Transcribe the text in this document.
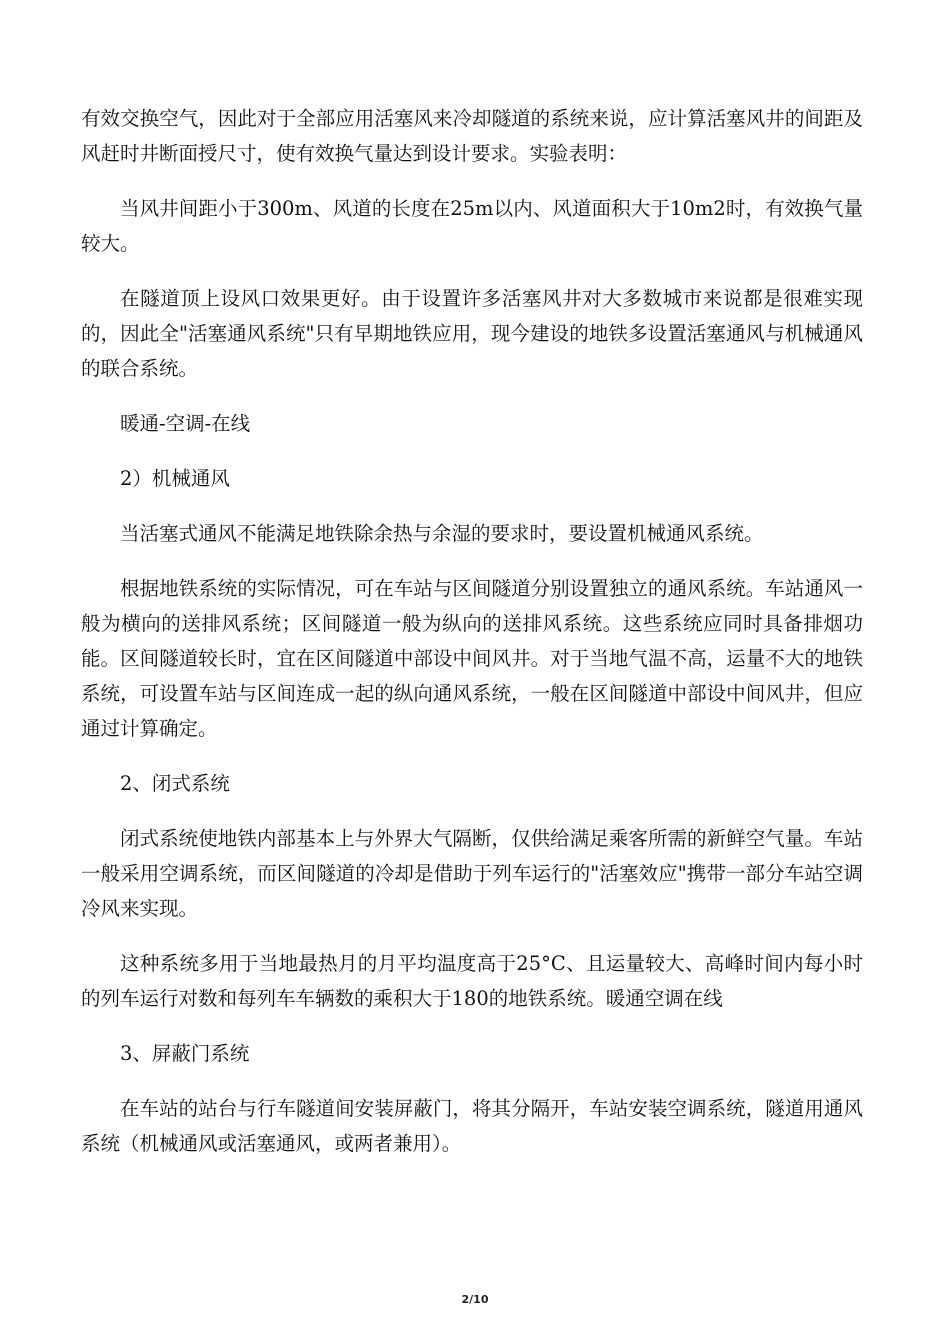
有效交换空气，因此对于全部应用活塞风来冷却隧道的系统来说，应计算活塞风井的间距及风赶时井断面授尺寸，使有效换气量达到设计要求。实验表明：

当风井间距小于300m、风道的长度在25m以内、风道面积大于10m2时，有效换气量较大。

在隧道顶上设风口效果更好。由于设置许多活塞风井对大多数城市来说都是很难实现的，因此全"活塞通风系统"只有早期地铁应用，现今建设的地铁多设置活塞通风与机械通风的联合系统。

暖通-空调-在线

2）机械通风

当活塞式通风不能满足地铁除余热与余湿的要求时，要设置机械通风系统。

根据地铁系统的实际情况，可在车站与区间隧道分别设置独立的通风系统。车站通风一般为横向的送排风系统；区间隧道一般为纵向的送排风系统。这些系统应同时具备排烟功能。区间隧道较长时，宜在区间隧道中部设中间风井。对于当地气温不高，运量不大的地铁系统，可设置车站与区间连成一起的纵向通风系统，一般在区间隧道中部设中间风井，但应通过计算确定。

2、闭式系统

闭式系统使地铁内部基本上与外界大气隔断，仅供给满足乘客所需的新鲜空气量。车站一般采用空调系统，而区间隧道的冷却是借助于列车运行的"活塞效应"携带一部分车站空调冷风来实现。

这种系统多用于当地最热月的月平均温度高于25°C、且运量较大、高峰时间内每小时的列车运行对数和每列车车辆数的乘积大于180的地铁系统。暖通空调在线

3、屏蔽门系统

在车站的站台与行车隧道间安装屏蔽门，将其分隔开，车站安装空调系统，隧道用通风系统（机械通风或活塞通风，或两者兼用）。

2/10
